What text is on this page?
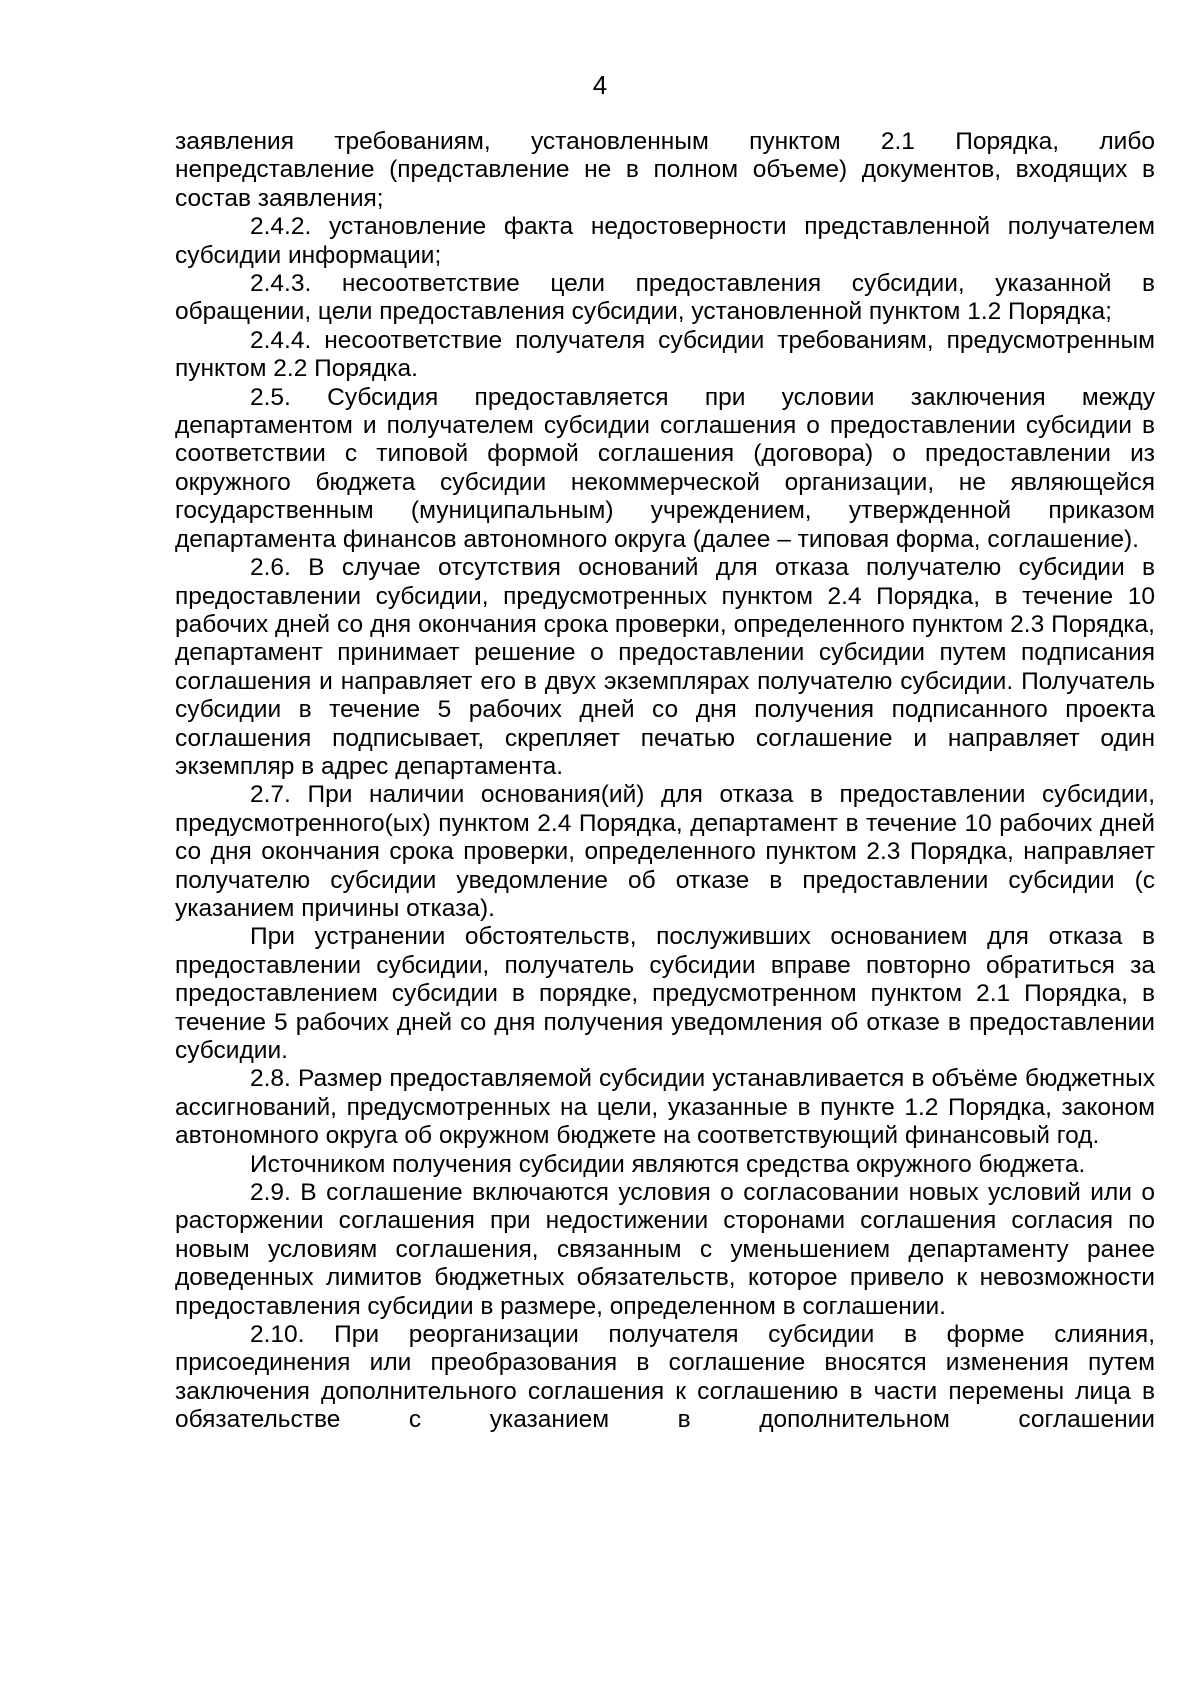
4

заявления требованиям, установленным пунктом 2.1 Порядка, либо непредставление (представление не в полном объеме) документов, входящих в состав заявления;

2.4.2. установление факта недостоверности представленной получателем субсидии информации;

2.4.3. несоответствие цели предоставления субсидии, указанной в обращении, цели предоставления субсидии, установленной пунктом 1.2 Порядка;

2.4.4. несоответствие получателя субсидии требованиям, предусмотренным пунктом 2.2 Порядка.

2.5. Субсидия предоставляется при условии заключения между департаментом и получателем субсидии соглашения о предоставлении субсидии в соответствии с типовой формой соглашения (договора) о предоставлении из окружного бюджета субсидии некоммерческой организации, не являющейся государственным (муниципальным) учреждением, утвержденной приказом департамента финансов автономного округа (далее – типовая форма, соглашение).

2.6. В случае отсутствия оснований для отказа получателю субсидии в предоставлении субсидии, предусмотренных пунктом 2.4 Порядка, в течение 10 рабочих дней со дня окончания срока проверки, определенного пунктом 2.3 Порядка, департамент принимает решение о предоставлении субсидии путем подписания соглашения и направляет его в двух экземплярах получателю субсидии. Получатель субсидии в течение 5 рабочих дней со дня получения подписанного проекта соглашения подписывает, скрепляет печатью соглашение и направляет один экземпляр в адрес департамента.

2.7. При наличии основания(ий) для отказа в предоставлении субсидии, предусмотренного(ых) пунктом 2.4 Порядка, департамент в течение 10 рабочих дней со дня окончания срока проверки, определенного пунктом 2.3 Порядка, направляет получателю субсидии уведомление об отказе в предоставлении субсидии (с указанием причины отказа).

При устранении обстоятельств, послуживших основанием для отказа в предоставлении субсидии, получатель субсидии вправе повторно обратиться за предоставлением субсидии в порядке, предусмотренном пунктом 2.1 Порядка, в течение 5 рабочих дней со дня получения уведомления об отказе в предоставлении субсидии.

2.8. Размер предоставляемой субсидии устанавливается в объёме бюджетных ассигнований, предусмотренных на цели, указанные в пункте 1.2 Порядка, законом автономного округа об окружном бюджете на соответствующий финансовый год.

Источником получения субсидии являются средства окружного бюджета.

2.9. В соглашение включаются условия о согласовании новых условий или о расторжении соглашения при недостижении сторонами соглашения согласия по новым условиям соглашения, связанным с уменьшением департаменту ранее доведенных лимитов бюджетных обязательств, которое привело к невозможности предоставления субсидии в размере, определенном в соглашении.

2.10. При реорганизации получателя субсидии в форме слияния, присоединения или преобразования в соглашение вносятся изменения путем заключения дополнительного соглашения к соглашению в части перемены лица в обязательстве с указанием в дополнительном соглашении
